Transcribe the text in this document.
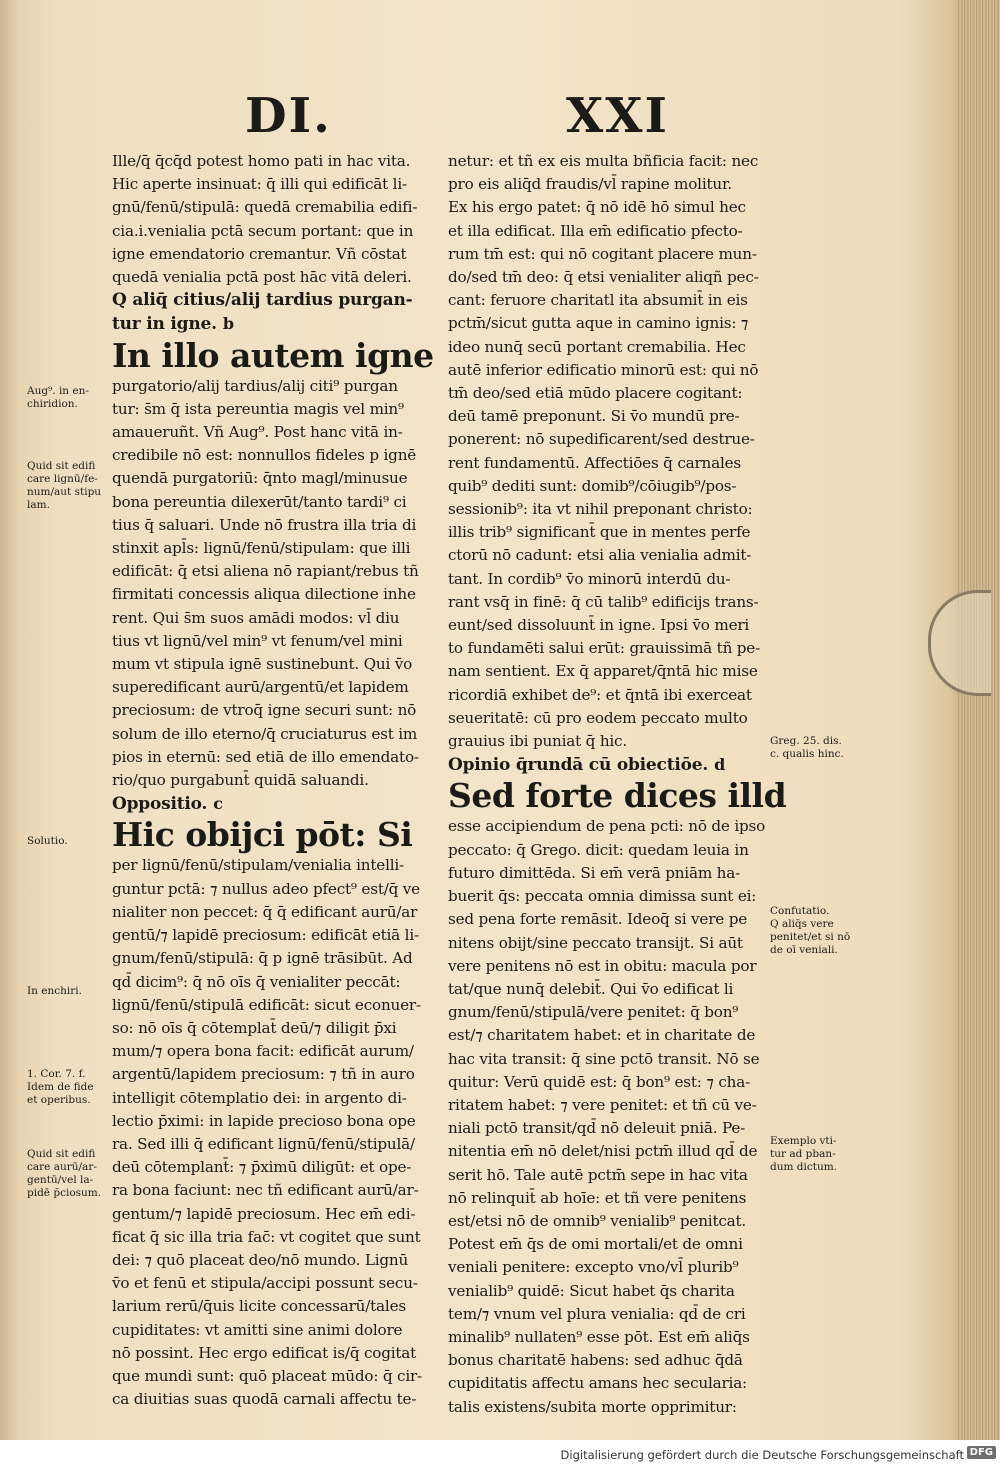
DI.	XXI

Ille/q̄ q̄cq̄d potest homo pati in hac vita.

Hic aperte insinuat: q̄ illi qui edificāt li-

gnū/fenū/stipulā: quedā cremabilia edifi-

cia.i.venialia pctā secum portant: que in

igne emendatorio cremantur. Vñ cōstat

quedā venialia pctā post hāc vitā deleri.

Q aliq̄ citius/alij tardius purgan-

tur in igne. b

In illo autem igne

purgatorio/alij tardius/alij citi⁹ purgan

tur: s̄m q̄ ista pereuntia magis vel min⁹

amaueruñt. Vñ Aug⁹. Post hanc vitā in-

credibile nō est: nonnullos fideles p ignē

quendā purgatoriū: q̄nto magl/minusue

bona pereuntia dilexerūt/tanto tardi⁹ ci

tius q̄ saluari. Unde nō frustra illa tria di

stinxit apl̄s: lignū/fenū/stipulam: que illi

edificāt: q̄ etsi aliena nō rapiant/rebus tñ

firmitati concessis aliqua dilectione inhe

rent. Qui s̄m suos amādi modos: vl̄ diu

tius vt lignū/vel min⁹ vt fenum/vel mini

mum vt stipula ignē sustinebunt. Qui v̄o

superedificant aurū/argentū/et lapidem

preciosum: de vtroq̄ igne securi sunt: nō

solum de illo eterno/q̄ cruciaturus est im

pios in eternū: sed etiā de illo emendato-

rio/quo purgabunt̄ quidā saluandi.

Oppositio. c

Hic obijci pōt: Si

per lignū/fenū/stipulam/venialia intelli-

guntur pctā: ⁊ nullus adeo pfect⁹ est/q̄ ve

nialiter non peccet: q̄ q̄ edificant aurū/ar

gentū/⁊ lapidē preciosum: edificāt etiā li-

gnum/fenū/stipulā: q̄ p ignē trāsibūt. Ad

qd̄ dicim⁹: q̄ nō oīs q̄ venialiter peccāt:

lignū/fenū/stipulā edificāt: sicut econuer-

so: nō oīs q̄ cōtemplat̄ deū/⁊ diligit p̄xi

mum/⁊ opera bona facit: edificāt aurum/

argentū/lapidem preciosum: ⁊ tñ in auro

intelligit cōtemplatio dei: in argento di-

lectio p̄ximi: in lapide precioso bona ope

ra. Sed illi q̄ edificant lignū/fenū/stipulā/

deū cōtemplant̄: ⁊ p̄ximū diligūt: et ope-

ra bona faciunt: nec tñ edificant aurū/ar-

gentum/⁊ lapidē preciosum. Hec em̄ edi-

ficat q̄ sic illa tria fac̄: vt cogitet que sunt

dei: ⁊ quō placeat deo/nō mundo. Lignū

v̄o et fenū et stipula/accipi possunt secu-

larium rerū/q̄uis licite concessarū/tales

cupiditates: vt amitti sine animi dolore

nō possint. Hec ergo edificat is/q̄ cogitat

que mundi sunt: quō placeat mūdo: q̄ cir-

ca diuitias suas quodā carnali affectu te-

netur: et tñ ex eis multa bñficia facit: nec

pro eis aliq̄d fraudis/vl̄ rapine molitur.

Ex his ergo patet: q̄ nō idē hō simul hec

et illa edificat. Illa em̄ edificatio pfecto-

rum tm̄ est: qui nō cogitant placere mun-

do/sed tm̄ deo: q̄ etsi venialiter aliqñ pec-

cant: feruore charitatl ita absumit̄ in eis

pctm̄/sicut gutta aque in camino ignis: ⁊

ideo nunq̄ secū portant cremabilia. Hec

autē inferior edificatio minorū est: qui nō

tm̄ deo/sed etiā mūdo placere cogitant:

deū tamē preponunt. Si v̄o mundū pre-

ponerent: nō supedificarent/sed destrue-

rent fundamentū. Affectiōes q̄ carnales

quib⁹ dediti sunt: domib⁹/cōiugib⁹/pos-

sessionib⁹: ita vt nihil preponant christo:

illis trib⁹ significant̄ que in mentes perfe

ctorū nō cadunt: etsi alia venialia admit-

tant. In cordib⁹ v̄o minorū interdū du-

rant vsq̄ in finē: q̄ cū talib⁹ edificijs trans-

eunt/sed dissoluunt̄ in igne. Ipsi v̄o meri

to fundamēti salui erūt: grauissimā tñ pe-

nam sentient. Ex q̄ apparet/q̄ntā hic mise

ricordiā exhibet de⁹: et q̄ntā ibi exerceat

seueritatē: cū pro eodem peccato multo

grauius ibi puniat q̄ hic.

Opinio q̄rundā cū obiectiōe. d

Sed forte dices illd

esse accipiendum de pena pcti: nō de ipso

peccato: q̄ Grego. dicit: quedam leuia in

futuro dimittēda. Si em̄ verā pniām ha-

buerit q̄s: peccata omnia dimissa sunt ei:

sed pena forte remāsit. Ideoq̄ si vere pe

nitens obijt/sine peccato transijt. Si aūt

vere penitens nō est in obitu: macula por

tat/que nunq̄ delebit̄. Qui v̄o edificat li

gnum/fenū/stipulā/vere penitet: q̄ bon⁹

est/⁊ charitatem habet: et in charitate de

hac vita transit: q̄ sine pctō transit. Nō se

quitur: Verū quidē est: q̄ bon⁹ est: ⁊ cha-

ritatem habet: ⁊ vere penitet: et tñ cū ve-

niali pctō transit/qd̄ nō deleuit pniā. Pe-

nitentia em̄ nō delet/nisi pctm̄ illud qd̄ de

serit hō. Tale autē pctm̄ sepe in hac vita

nō relinquit̄ ab hoīe: et tñ vere penitens

est/etsi nō de omnib⁹ venialib⁹ penitcat.

Potest em̄ q̄s de omi mortali/et de omni

veniali penitere: excepto vno/vl̄ plurib⁹

venialib⁹ quidē: Sicut habet q̄s charita

tem/⁊ vnum vel plura venialia: qd̄ de cri

minalib⁹ nullaten⁹ esse pōt. Est em̄ aliq̄s

bonus charitatē habens: sed adhuc q̄dā

cupiditatis affectu amans hec secularia:

talis existens/subita morte opprimitur:

Aug⁹. in en-
chiridion.
Quid sit edifi
care lignū/fe-
num/aut stipu
lam.
Solutio.
In enchiri.
1. Cor. 7. f.
Idem de fide
et operibus.
Quid sit edifi
care aurū/ar-
gentū/vel la-
pidē p̄ciosum.
Greg. 25. dis.
c. qualis hinc.
Confutatio.
Q aliq̄s vere
penitet/et si nō
de oī veniali.
Exemplo vti-
tur ad pban-
dum dictum.
Digitalisierung gefördert durch die Deutsche Forschungsgemeinschaft DFG
